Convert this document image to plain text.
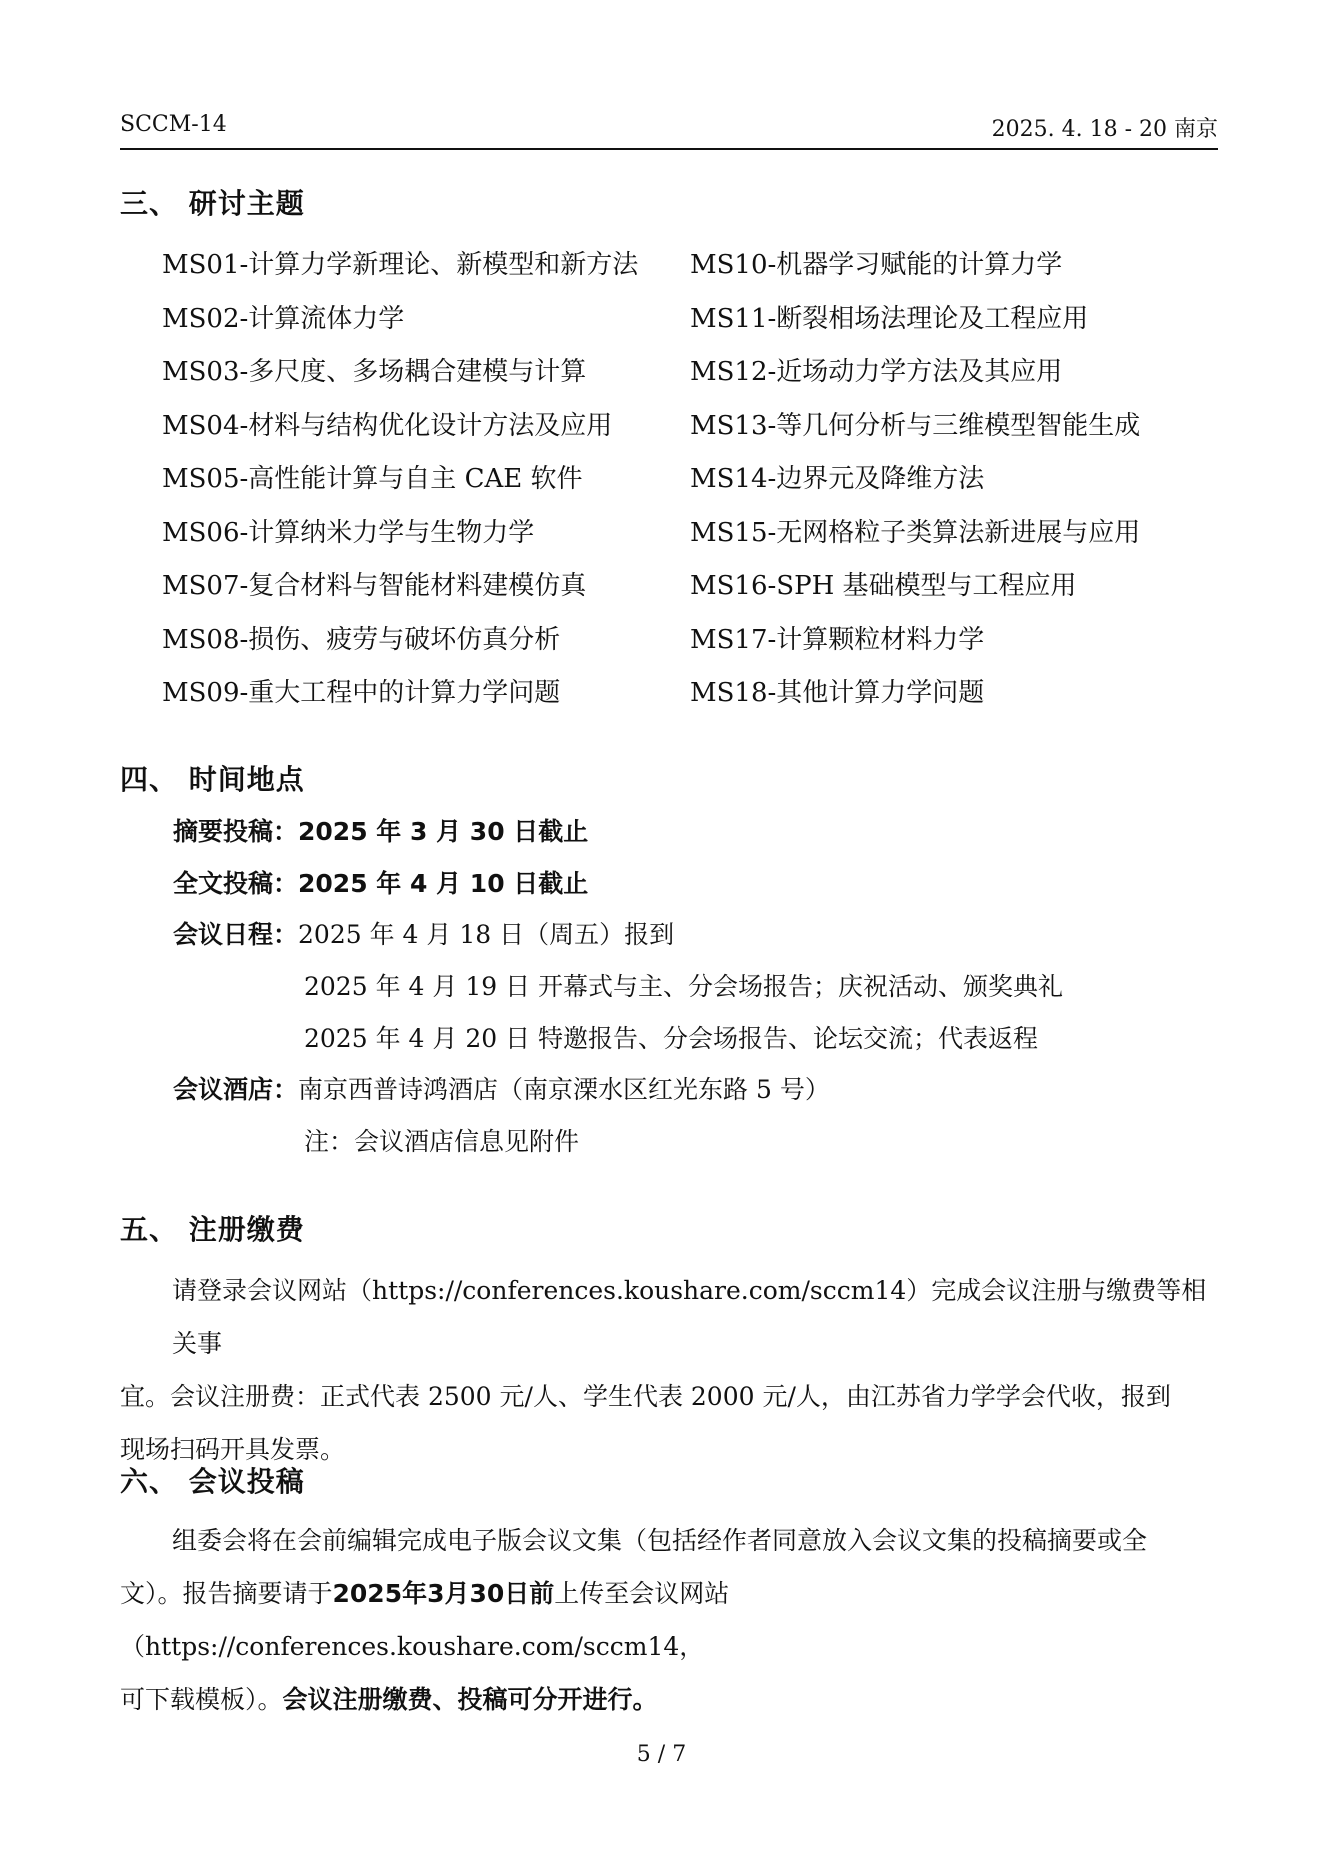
SCCM-14	2025. 4. 18 - 20 南京
三、 研讨主题
MS01-计算力学新理论、新模型和新方法
MS02-计算流体力学
MS03-多尺度、多场耦合建模与计算
MS04-材料与结构优化设计方法及应用
MS05-高性能计算与自主 CAE 软件
MS06-计算纳米力学与生物力学
MS07-复合材料与智能材料建模仿真
MS08-损伤、疲劳与破坏仿真分析
MS09-重大工程中的计算力学问题
MS10-机器学习赋能的计算力学
MS11-断裂相场法理论及工程应用
MS12-近场动力学方法及其应用
MS13-等几何分析与三维模型智能生成
MS14-边界元及降维方法
MS15-无网格粒子类算法新进展与应用
MS16-SPH 基础模型与工程应用
MS17-计算颗粒材料力学
MS18-其他计算力学问题
四、 时间地点
摘要投稿：2025 年 3 月 30 日截止
全文投稿：2025 年 4 月 10 日截止
会议日程：2025 年 4 月 18 日（周五）报到
2025 年 4 月 19 日 开幕式与主、分会场报告；庆祝活动、颁奖典礼
2025 年 4 月 20 日 特邀报告、分会场报告、论坛交流；代表返程
会议酒店：南京西普诗鸿酒店（南京溧水区红光东路 5 号）
注：会议酒店信息见附件
五、 注册缴费
请登录会议网站（https://conferences.koushare.com/sccm14）完成会议注册与缴费等相关事
宜。会议注册费：正式代表 2500 元/人、学生代表 2000 元/人，由江苏省力学学会代收，报到
现场扫码开具发票。
六、 会议投稿
组委会将在会前编辑完成电子版会议文集（包括经作者同意放入会议文集的投稿摘要或全
文）。报告摘要请于2025年3月30日前上传至会议网站（https://conferences.koushare.com/sccm14，
可下载模板）。会议注册缴费、投稿可分开进行。
5 / 7
